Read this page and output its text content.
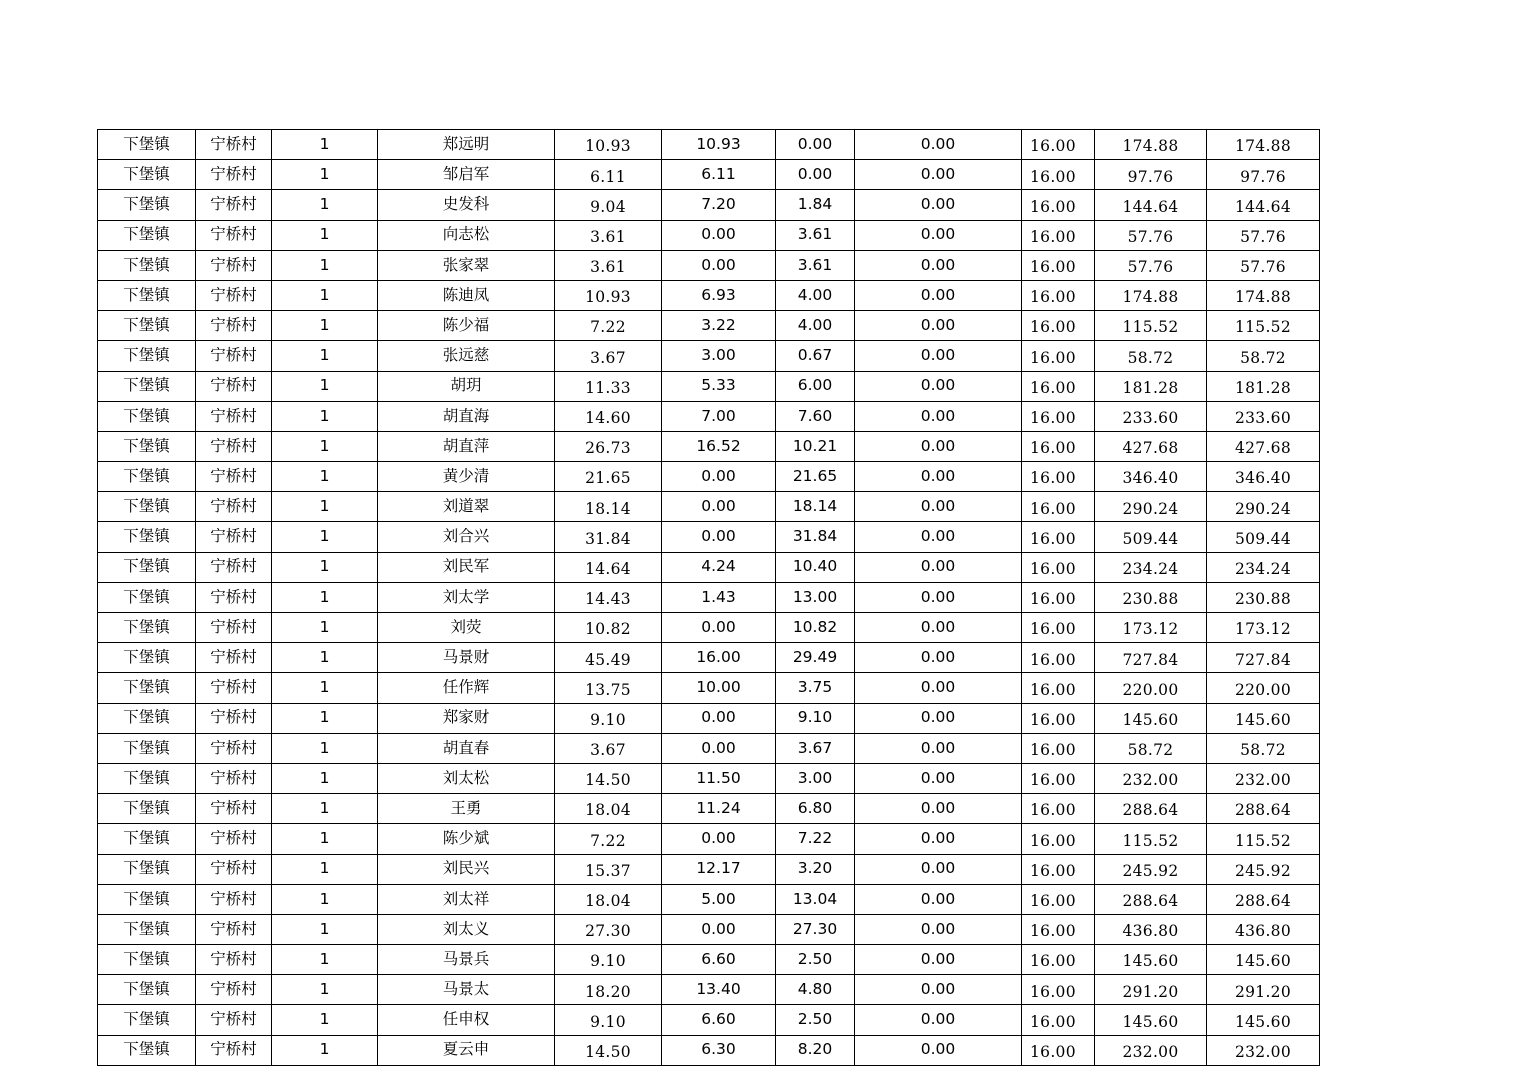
下堡镇	宁桥村	1	郑远明	10.93	10.93	0.00	0.00	16.00	174.88	174.88
下堡镇	宁桥村	1	邹启军	6.11	6.11	0.00	0.00	16.00	97.76	97.76
下堡镇	宁桥村	1	史发科	9.04	7.20	1.84	0.00	16.00	144.64	144.64
下堡镇	宁桥村	1	向志松	3.61	0.00	3.61	0.00	16.00	57.76	57.76
下堡镇	宁桥村	1	张家翠	3.61	0.00	3.61	0.00	16.00	57.76	57.76
下堡镇	宁桥村	1	陈迪凤	10.93	6.93	4.00	0.00	16.00	174.88	174.88
下堡镇	宁桥村	1	陈少福	7.22	3.22	4.00	0.00	16.00	115.52	115.52
下堡镇	宁桥村	1	张远慈	3.67	3.00	0.67	0.00	16.00	58.72	58.72
下堡镇	宁桥村	1	胡玥	11.33	5.33	6.00	0.00	16.00	181.28	181.28
下堡镇	宁桥村	1	胡直海	14.60	7.00	7.60	0.00	16.00	233.60	233.60
下堡镇	宁桥村	1	胡直萍	26.73	16.52	10.21	0.00	16.00	427.68	427.68
下堡镇	宁桥村	1	黄少清	21.65	0.00	21.65	0.00	16.00	346.40	346.40
下堡镇	宁桥村	1	刘道翠	18.14	0.00	18.14	0.00	16.00	290.24	290.24
下堡镇	宁桥村	1	刘合兴	31.84	0.00	31.84	0.00	16.00	509.44	509.44
下堡镇	宁桥村	1	刘民军	14.64	4.24	10.40	0.00	16.00	234.24	234.24
下堡镇	宁桥村	1	刘太学	14.43	1.43	13.00	0.00	16.00	230.88	230.88
下堡镇	宁桥村	1	刘荧	10.82	0.00	10.82	0.00	16.00	173.12	173.12
下堡镇	宁桥村	1	马景财	45.49	16.00	29.49	0.00	16.00	727.84	727.84
下堡镇	宁桥村	1	任作辉	13.75	10.00	3.75	0.00	16.00	220.00	220.00
下堡镇	宁桥村	1	郑家财	9.10	0.00	9.10	0.00	16.00	145.60	145.60
下堡镇	宁桥村	1	胡直春	3.67	0.00	3.67	0.00	16.00	58.72	58.72
下堡镇	宁桥村	1	刘太松	14.50	11.50	3.00	0.00	16.00	232.00	232.00
下堡镇	宁桥村	1	王勇	18.04	11.24	6.80	0.00	16.00	288.64	288.64
下堡镇	宁桥村	1	陈少斌	7.22	0.00	7.22	0.00	16.00	115.52	115.52
下堡镇	宁桥村	1	刘民兴	15.37	12.17	3.20	0.00	16.00	245.92	245.92
下堡镇	宁桥村	1	刘太祥	18.04	5.00	13.04	0.00	16.00	288.64	288.64
下堡镇	宁桥村	1	刘太义	27.30	0.00	27.30	0.00	16.00	436.80	436.80
下堡镇	宁桥村	1	马景兵	9.10	6.60	2.50	0.00	16.00	145.60	145.60
下堡镇	宁桥村	1	马景太	18.20	13.40	4.80	0.00	16.00	291.20	291.20
下堡镇	宁桥村	1	任申权	9.10	6.60	2.50	0.00	16.00	145.60	145.60
下堡镇	宁桥村	1	夏云申	14.50	6.30	8.20	0.00	16.00	232.00	232.00
